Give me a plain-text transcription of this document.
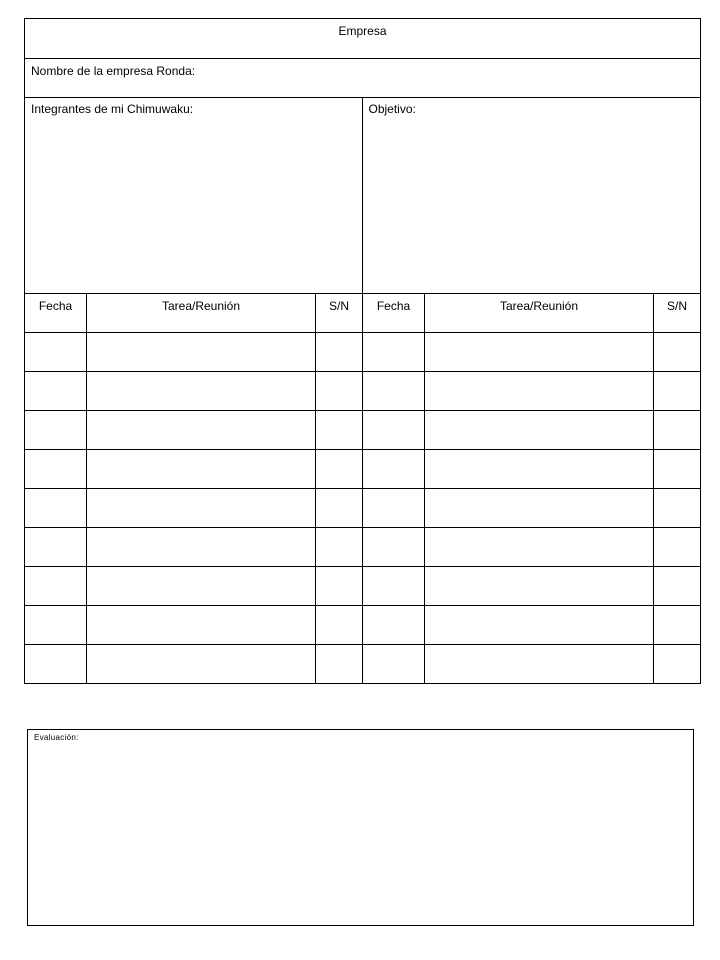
Empresa
Nombre de la empresa Ronda:
Integrantes de mi Chimuwaku:	Objetivo:
Fecha	Tarea/Reunión	S/N	Fecha	Tarea/Reunión	S/N
Evaluación:
